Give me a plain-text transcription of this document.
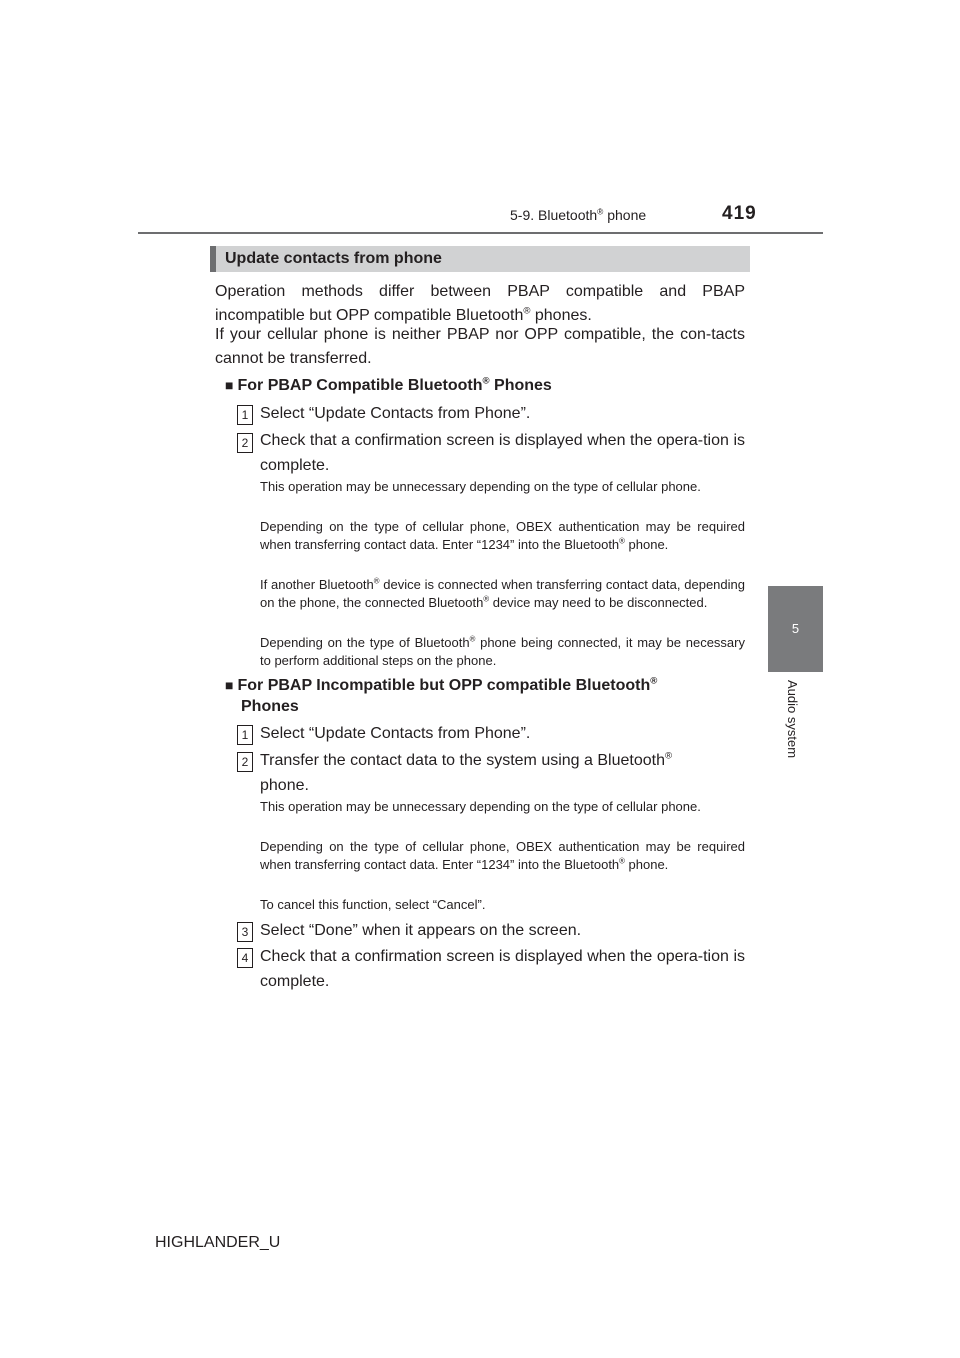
5-9. Bluetooth® phone	419
5
Audio system
Update contacts from phone
Operation methods differ between PBAP compatible and PBAP incompatible but OPP compatible Bluetooth® phones.
If your cellular phone is neither PBAP nor OPP compatible, the con-tacts cannot be transferred.
■ For PBAP Compatible Bluetooth® Phones
1 Select “Update Contacts from Phone”.
2 Check that a confirmation screen is displayed when the opera-tion is complete.
This operation may be unnecessary depending on the type of cellular phone.
Depending on the type of cellular phone, OBEX authentication may be required when transferring contact data. Enter “1234” into the Bluetooth® phone.
If another Bluetooth® device is connected when transferring contact data, depending on the phone, the connected Bluetooth® device may need to be disconnected.
Depending on the type of Bluetooth® phone being connected, it may be necessary to perform additional steps on the phone.
■ For PBAP Incompatible but OPP compatible Bluetooth®
Phones
1 Select “Update Contacts from Phone”.
2 Transfer the contact data to the system using a Bluetooth®
phone.
This operation may be unnecessary depending on the type of cellular phone.
Depending on the type of cellular phone, OBEX authentication may be required when transferring contact data. Enter “1234” into the Bluetooth® phone.
To cancel this function, select “Cancel”.
3 Select “Done” when it appears on the screen.
4 Check that a confirmation screen is displayed when the opera-tion is complete.
HIGHLANDER_U
